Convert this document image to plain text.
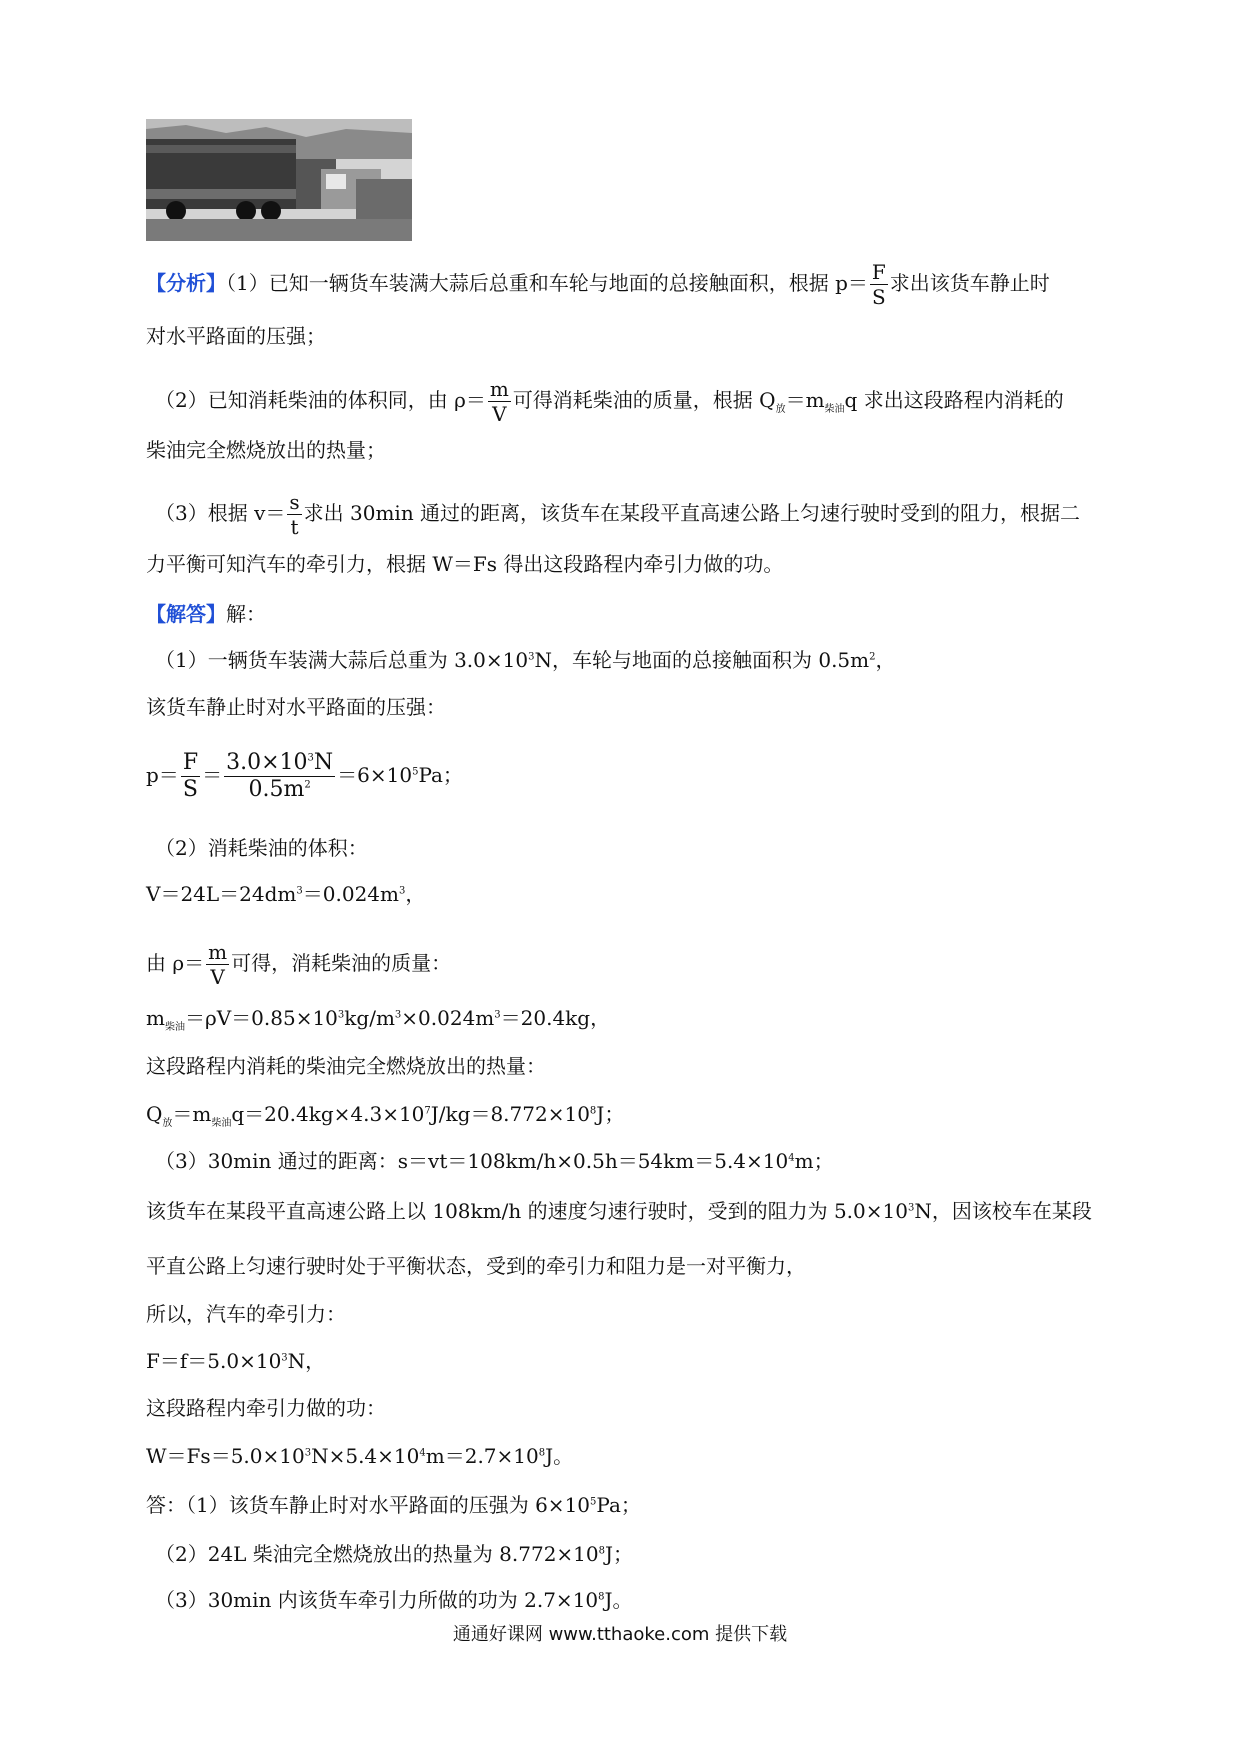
【分析】（1）已知一辆货车装满大蒜后总重和车轮与地面的总接触面积，根据 $p= \frac{F}{S}$ 求出该货车静止时
对水平路面的压强；
（2）已知消耗柴油的体积同，由 $\rho= \frac{m}{V}$ 可得消耗柴油的质量，根据 $Q_放=m_{柴油}q$ 求出这段路程内消耗的
柴油完全燃烧放出的热量；
（3）根据 $v= \frac{s}{t}$ 求出 30min 通过的距离，该货车在某段平直高速公路上匀速行驶时受到的阻力，根据二
力平衡可知汽车的牵引力，根据 W＝Fs 得出这段路程内牵引力做的功。
【解答】解：
（1）一辆货车装满大蒜后总重为 $3.0\times 10^3N$，车轮与地面的总接触面积为 $0.5m^2$，
该货车静止时对水平路面的压强：
$p= \frac{F}{S} = \frac{3.0\times 10^3N}{0.5m^2} =6\times 10^5Pa$；
（2）消耗柴油的体积：
$V=24L=24dm^3=0.024m^3$，
由 $\rho= \frac{m}{V}$ 可得，消耗柴油的质量：
$m_{柴油}=\rho V=0.85\times 10^3kg/m^3\times 0.024m^3=20.4kg$，
这段路程内消耗的柴油完全燃烧放出的热量：
$Q_放=m_{柴油}q=20.4kg\times 4.3\times 10^7J/kg=8.772\times 10^8J$；
（3）30min 通过的距离：$s=vt=108km/h\times 0.5h=54km=5.4\times 10^4m$；
该货车在某段平直高速公路上以 108km/h 的速度匀速行驶时，受到的阻力为 $5.0\times 10^3N$，因该校车在某段
平直公路上匀速行驶时处于平衡状态，受到的牵引力和阻力是一对平衡力，
所以，汽车的牵引力：
$F=f=5.0\times 10^3N$，
这段路程内牵引力做的功：
$W=Fs=5.0\times 10^3N\times 5.4\times 10^4m=2.7\times 10^8J$。
答：（1）该货车静止时对水平路面的压强为 $6\times 10^5Pa$；
（2）24L 柴油完全燃烧放出的热量为 $8.772\times 10^8J$；
（3）30min 内该货车牵引力所做的功为 $2.7\times 10^8J$。
通通好课网 www.tthaoke.com 提供下载
